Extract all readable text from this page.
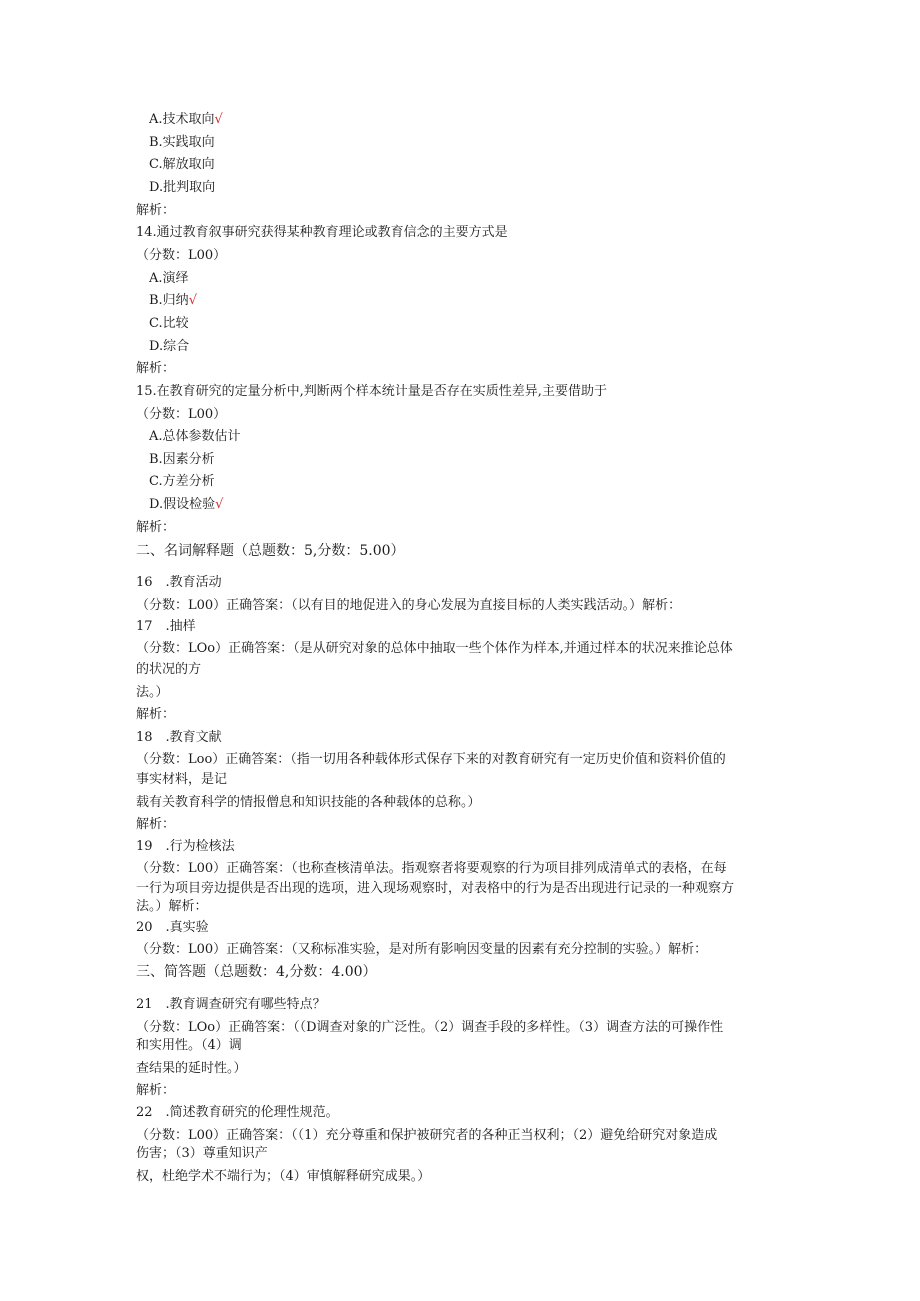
A.技术取向√
B.实践取向
C.解放取向
D.批判取向
解析：
14.通过教育叙事研究获得某种教育理论或教育信念的主要方式是
（分数：L00）
A.演绎
B.归纳√
C.比较
D.综合
解析：
15.在教育研究的定量分析中,判断两个样本统计量是否存在实质性差异,主要借助于
（分数：L00）
A.总体参数估计
B.因素分析
C.方差分析
D.假设检验√
解析：
二、名词解释题（总题数：5,分数：5.00）
16　.教育活动
（分数：L00）正确答案：（以有目的地促进入的身心发展为直接目标的人类实践活动。）解析：
17　.抽样
（分数：LOo）正确答案：（是从研究对象的总体中抽取一些个体作为样本,并通过样本的状况来推论总体
的状况的方
法。）
解析：
18　.教育文献
（分数：Loo）正确答案：（指一切用各种载体形式保存下来的对教育研究有一定历史价值和资料价值的
事实材料，是记
载有关教育科学的情报僧息和知识技能的各种载体的总称。）
解析：
19　.行为检核法
（分数：L00）正确答案：（也称查核清单法。指观察者将要观察的行为项目排列成清单式的表格，在每
一行为项目旁边提供是否出现的选项，进入现场观察时，对表格中的行为是否出现进行记录的一种观察方
法。）解析：
20　.真实验
（分数：L00）正确答案：（又称标准实验，是对所有影响因变量的因素有充分控制的实验。）解析：
三、简答题（总题数：4,分数：4.00）
21　.教育调查研究有哪些特点？
（分数：LOo）正确答案：（（D调查对象的广泛性。（2）调查手段的多样性。（3）调查方法的可操作性
和实用性。（4）调
查结果的延时性。）
解析：
22　.简述教育研究的伦理性规范。
（分数：L00）正确答案：（（1）充分尊重和保护被研究者的各种正当权利；（2）避免给研究对象造成
伤害；（3）尊重知识产
权，杜绝学术不端行为；（4）审慎解释研究成果。）
